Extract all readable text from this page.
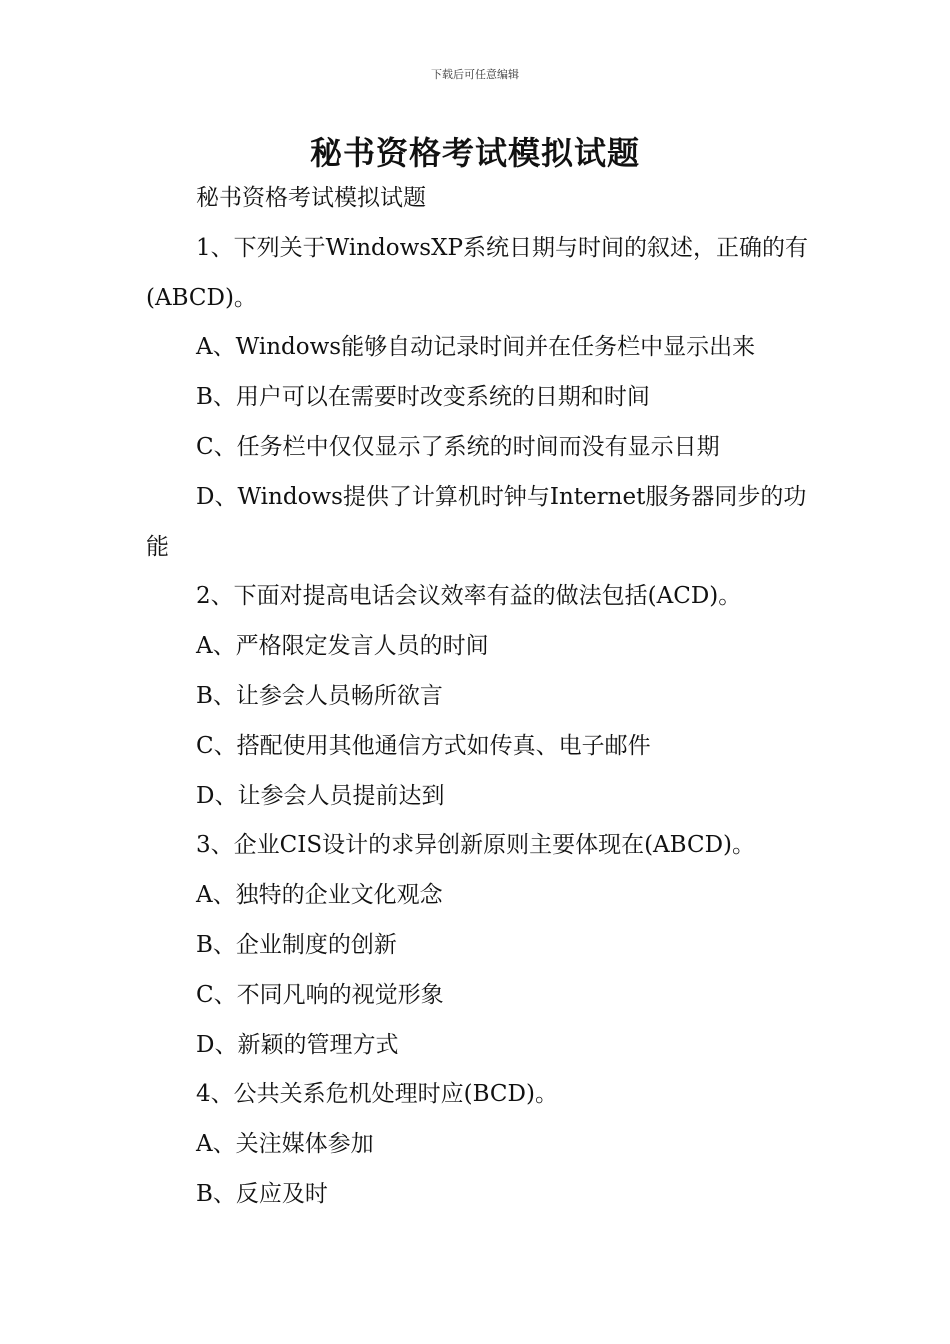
下载后可任意编辑
秘书资格考试模拟试题

秘书资格考试模拟试题

1、下列关于WindowsXP系统日期与时间的叙述，正确的有(ABCD)。

A、Windows能够自动记录时间并在任务栏中显示出来

B、用户可以在需要时改变系统的日期和时间

C、任务栏中仅仅显示了系统的时间而没有显示日期

D、Windows提供了计算机时钟与Internet服务器同步的功能

2、下面对提高电话会议效率有益的做法包括(ACD)。

A、严格限定发言人员的时间

B、让参会人员畅所欲言

C、搭配使用其他通信方式如传真、电子邮件

D、让参会人员提前达到

3、企业CIS设计的求异创新原则主要体现在(ABCD)。

A、独特的企业文化观念

B、企业制度的创新

C、不同凡响的视觉形象

D、新颖的管理方式

4、公共关系危机处理时应(BCD)。

A、关注媒体参加

B、反应及时
